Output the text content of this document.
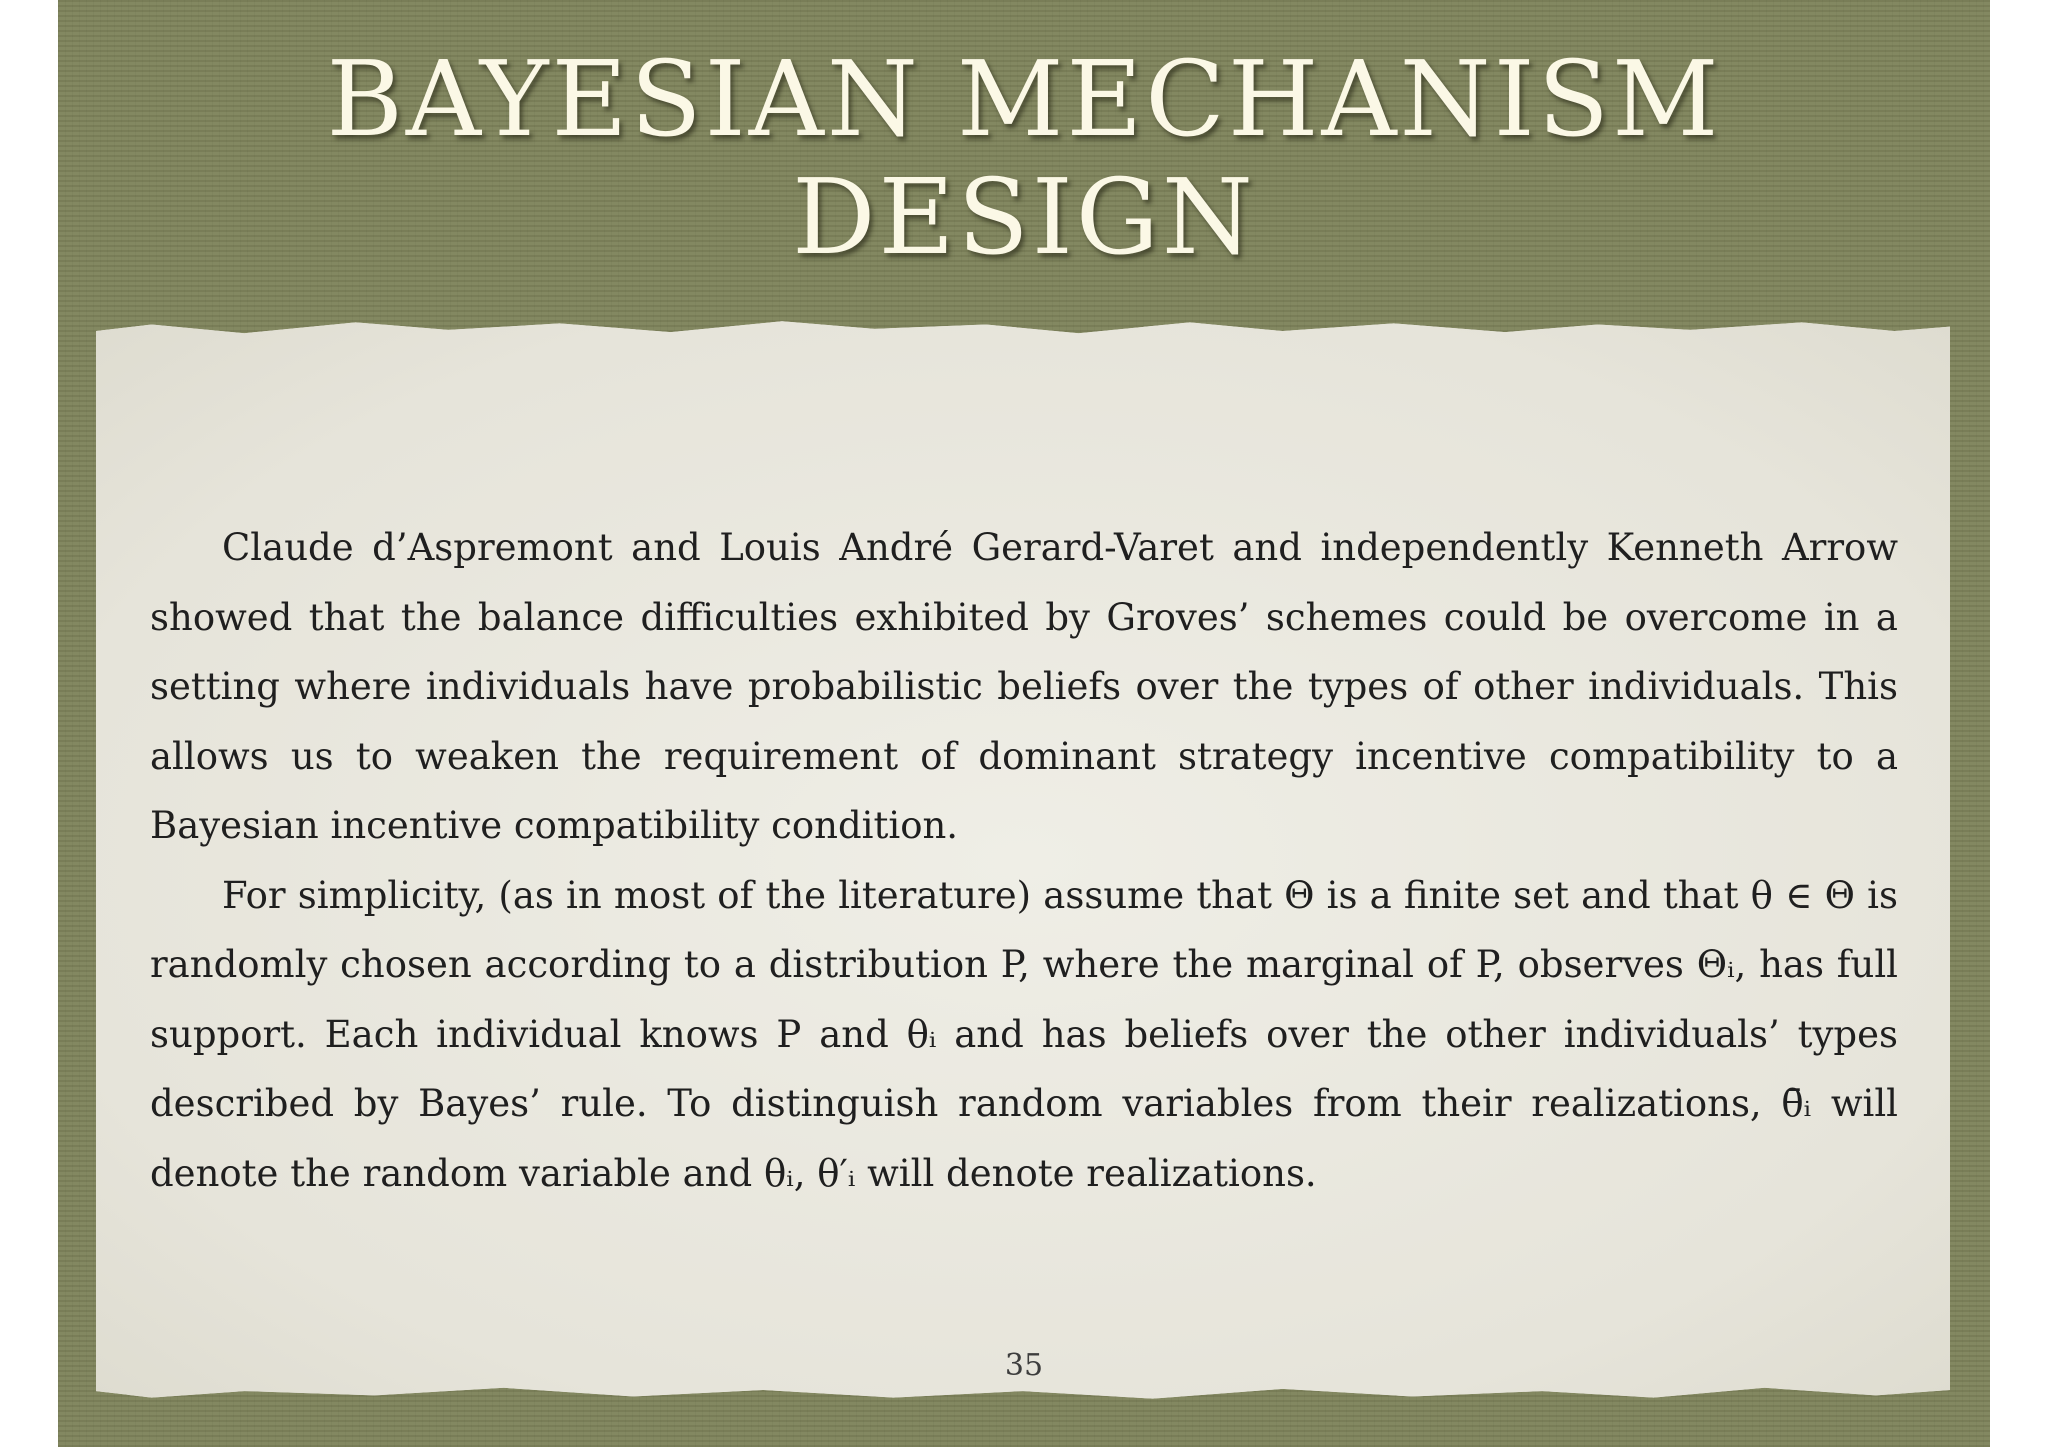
BAYESIAN MECHANISM
DESIGN

Claude d’Aspremont and Louis André Gerard-Varet and independently Kenneth Arrow showed that the balance difficulties exhibited by Groves’ schemes could be overcome in a setting where individuals have probabilistic beliefs over the types of other individuals. This allows us to weaken the requirement of dominant strategy incentive compatibility to a Bayesian incentive compatibility condition.

For simplicity, (as in most of the literature) assume that Θ is a finite set and that θ ∈ Θ is randomly chosen according to a distribution P, where the marginal of P, observes Θᵢ, has full support. Each individual knows P and θᵢ and has beliefs over the other individuals’ types described by Bayes’ rule. To distinguish random variables from their realizations, θ̄ᵢ will denote the random variable and θᵢ, θ′ᵢ will denote realizations.

35
